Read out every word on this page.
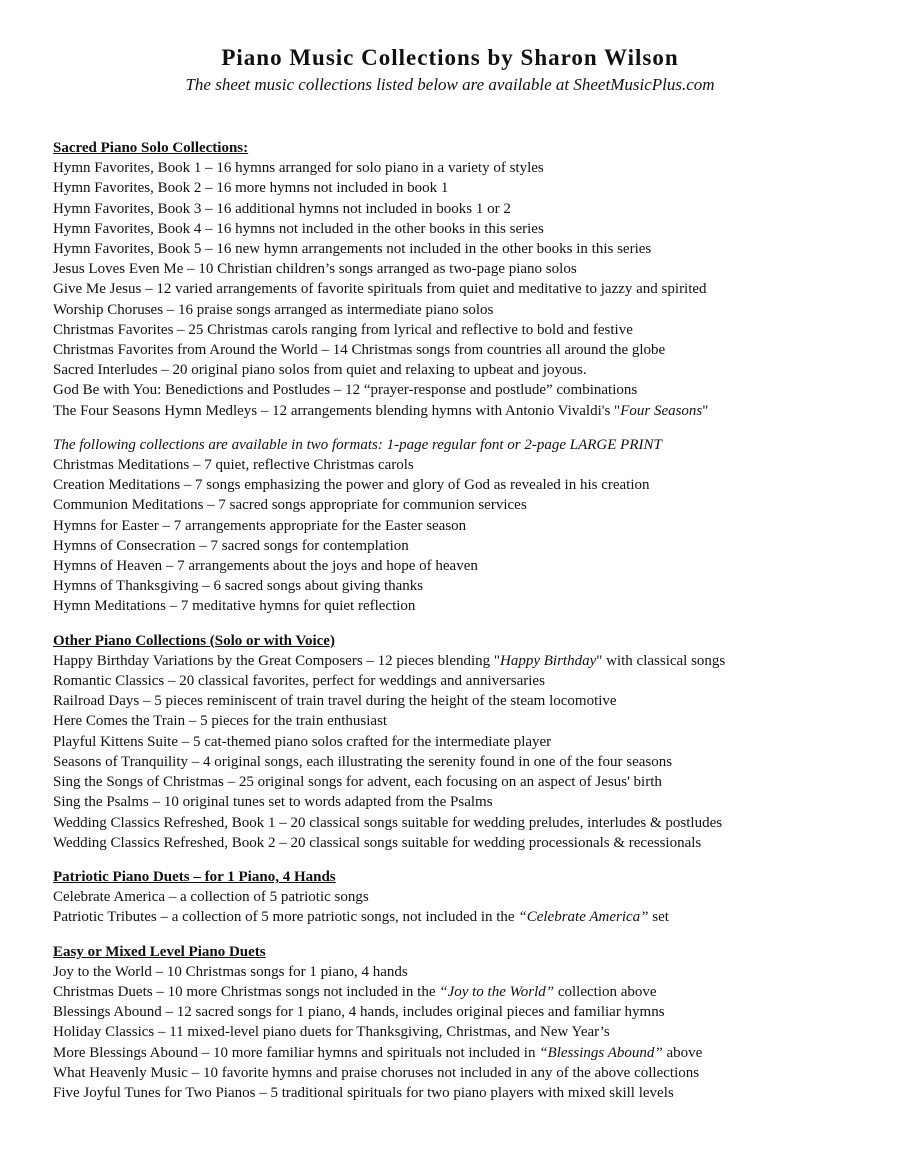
Piano Music Collections by Sharon Wilson
The sheet music collections listed below are available at SheetMusicPlus.com
Sacred Piano Solo Collections:
Hymn Favorites, Book 1 – 16 hymns arranged for solo piano in a variety of styles
Hymn Favorites, Book 2 – 16 more hymns not included in book 1
Hymn Favorites, Book 3 – 16 additional hymns not included in books 1 or 2
Hymn Favorites, Book 4 – 16 hymns not included in the other books in this series
Hymn Favorites, Book 5 – 16 new hymn arrangements not included in the other books in this series
Jesus Loves Even Me – 10 Christian children’s songs arranged as two-page piano solos
Give Me Jesus – 12 varied arrangements of favorite spirituals from quiet and meditative to jazzy and spirited
Worship Choruses – 16 praise songs arranged as intermediate piano solos
Christmas Favorites – 25 Christmas carols ranging from lyrical and reflective to bold and festive
Christmas Favorites from Around the World – 14 Christmas songs from countries all around the globe
Sacred Interludes – 20 original piano solos from quiet and relaxing to upbeat and joyous.
God Be with You: Benedictions and Postludes – 12 “prayer-response and postlude” combinations
The Four Seasons Hymn Medleys – 12 arrangements blending hymns with Antonio Vivaldi's "Four Seasons"
The following collections are available in two formats: 1-page regular font or 2-page LARGE PRINT
Christmas Meditations – 7 quiet, reflective Christmas carols
Creation Meditations – 7 songs emphasizing the power and glory of God as revealed in his creation
Communion Meditations – 7 sacred songs appropriate for communion services
Hymns for Easter – 7 arrangements appropriate for the Easter season
Hymns of Consecration – 7 sacred songs for contemplation
Hymns of Heaven – 7 arrangements about the joys and hope of heaven
Hymns of Thanksgiving – 6 sacred songs about giving thanks
Hymn Meditations – 7 meditative hymns for quiet reflection
Other Piano Collections (Solo or with Voice)
Happy Birthday Variations by the Great Composers – 12 pieces blending "Happy Birthday" with classical songs
Romantic Classics – 20 classical favorites, perfect for weddings and anniversaries
Railroad Days – 5 pieces reminiscent of train travel during the height of the steam locomotive
Here Comes the Train – 5 pieces for the train enthusiast
Playful Kittens Suite – 5 cat-themed piano solos crafted for the intermediate player
Seasons of Tranquility – 4 original songs, each illustrating the serenity found in one of the four seasons
Sing the Songs of Christmas – 25 original songs for advent, each focusing on an aspect of Jesus' birth
Sing the Psalms – 10 original tunes set to words adapted from the Psalms
Wedding Classics Refreshed, Book 1 – 20 classical songs suitable for wedding preludes, interludes & postludes
Wedding Classics Refreshed, Book 2 – 20 classical songs suitable for wedding processionals & recessionals
Patriotic Piano Duets – for 1 Piano, 4 Hands
Celebrate America – a collection of 5 patriotic songs
Patriotic Tributes – a collection of 5 more patriotic songs, not included in the “Celebrate America” set
Easy or Mixed Level Piano Duets
Joy to the World – 10 Christmas songs for 1 piano, 4 hands
Christmas Duets – 10 more Christmas songs not included in the “Joy to the World” collection above
Blessings Abound – 12 sacred songs for 1 piano, 4 hands, includes original pieces and familiar hymns
Holiday Classics – 11 mixed-level piano duets for Thanksgiving, Christmas, and New Year’s
More Blessings Abound – 10 more familiar hymns and spirituals not included in “Blessings Abound” above
What Heavenly Music – 10 favorite hymns and praise choruses not included in any of the above collections
Five Joyful Tunes for Two Pianos – 5 traditional spirituals for two piano players with mixed skill levels
